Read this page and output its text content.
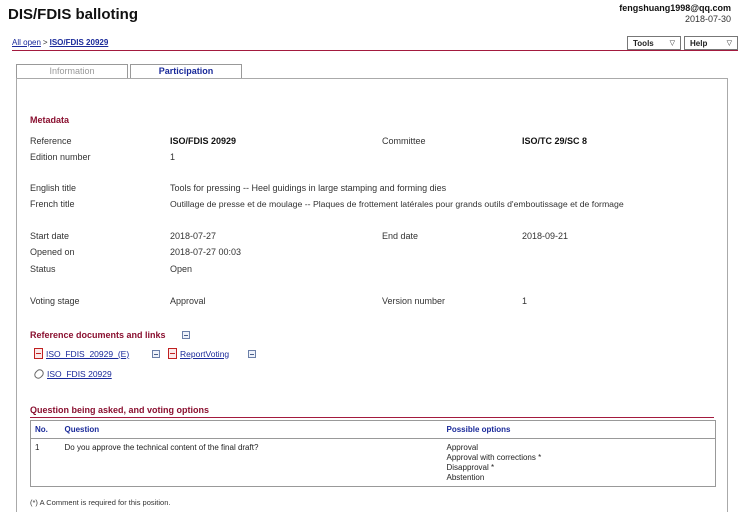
DIS/FDIS balloting	fengshuang1998@qq.com
2018-07-30
All open > ISO/FDIS 20929	Tools ▽ Help	▽
Information	Participation
Metadata
Reference	ISO/FDIS 20929	Committee	ISO/TC 29/SC 8
Edition number	1
English title	Tools for pressing -- Heel guidings in large stamping and forming dies
French title	Outillage de presse et de moulage -- Plaques de frottement latérales pour grands outils d'emboutissage et de formage
Start date	2018-07-27	End date	2018-09-21
Opened on	2018-07-27 00:03
Status	Open
Voting stage	Approval	Version number	1
Reference documents and links
ISO_FDIS_20929_(E)	ReportVoting
ISO_FDIS 20929
Question being asked, and voting options
No.	Question	Possible options
1	Do you approve the technical content of the final draft?	Approval
Approval with corrections *
Disapproval *
Abstention
(*) A Comment is required for this position.
